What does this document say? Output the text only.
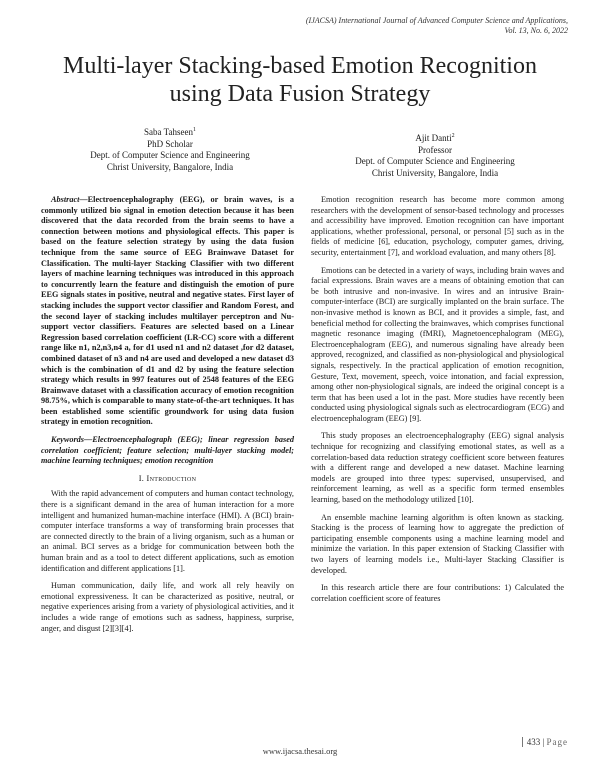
(IJACSA) International Journal of Advanced Computer Science and Applications,
Vol. 13, No. 6, 2022
Multi-layer Stacking-based Emotion Recognition
using Data Fusion Strategy
Saba Tahseen$^1$
PhD Scholar
Dept. of Computer Science and Engineering
Christ University, Bangalore, India
Ajit Danti$^2$
Professor
Dept. of Computer Science and Engineering
Christ University, Bangalore, India

Abstract—Electroencephalography (EEG), or brain waves, is a commonly utilized bio signal in emotion detection because it has been discovered that the data recorded from the brain seems to have a connection between motions and physiological effects. This paper is based on the feature selection strategy by using the data fusion technique from the same source of EEG Brainwave Dataset for Classification. The multi-layer Stacking Classifier with two different layers of machine learning techniques was introduced in this approach to concurrently learn the feature and distinguish the emotion of pure EEG signals states in positive, neutral and negative states. First layer of stacking includes the support vector classifier and Random Forest, and the second layer of stacking includes multilayer perceptron and Nu-support vector classifiers. Features are selected based on a Linear Regression based correlation coefficient (LR-CC) score with a different range like n1, n2,n3,n4 a, for d1 used n1 and n2 dataset ,for d2 dataset, combined dataset of n3 and n4 are used and developed a new dataset d3 which is the combination of d1 and d2 by using the feature selection strategy which results in 997 features out of 2548 features of the EEG Brainwave dataset with a classification accuracy of emotion recognition 98.75%, which is comparable to many state-of-the-art techniques. It has been established some scientific groundwork for using data fusion strategy in emotion recognition.

Keywords—Electroencephalograph (EEG); linear regression based correlation coefficient; feature selection; multi-layer stacking model; machine learning techniques; emotion recognition

I. Introduction

With the rapid advancement of computers and human contact technology, there is a significant demand in the area of human interaction for a more intelligent and humanized human-machine interface (HMI). A (BCI) brain-computer interface transforms a way of transforming brain processes that are connected directly to the brain of a living organism, such as a human or an animal. BCI serves as a bridge for communication between both the human brain and as a tool to detect different applications, such as emotion identification and different applications [1].

Human communication, daily life, and work all rely heavily on emotional expressiveness. It can be characterized as positive, neutral, or negative experiences arising from a variety of physiological activities, and it includes a wide range of emotions such as sadness, happiness, surprise, anger, and disgust [2][3][4].

Emotion recognition research has become more common among researchers with the development of sensor-based technology and processes and accessibility have improved. Emotion recognition can have important applications, whether professional, personal, or personal [5] such as in the fields of medicine [6], education, psychology, computer games, driving, security, entertainment [7], and workload evaluation, and many others [8].

Emotions can be detected in a variety of ways, including brain waves and facial expressions. Brain waves are a means of obtaining emotion that can be both intrusive and non-invasive. In wires and an intrusive Brain-computer-interface (BCI) are surgically implanted on the brain surface. The non-invasive method is known as BCI, and it provides a simple, fast, and beneficial method for collecting the brainwaves, which comprises functional magnetic resonance imaging (fMRI), Magnetoencephalogram (MEG), Electroencephalogram (EEG), and numerous signaling have already been approved, recognized, and classified as non-physiological and physiological signals, respectively. In the practical application of emotion recognition, Gesture, Text, movement, speech, voice intonation, and facial expression, among other non-physiological signals, are indeed the original concept is a term that has been used a lot in the past. More studies have recently been conducted using physiological signals such as electrocardiogram (ECG) and electroencephalogram (EEG) [9].

This study proposes an electroencephalography (EEG) signal analysis technique for recognizing and classifying emotional states, as well as a correlation-based data reduction strategy coefficient score between features with a different range and developed a new dataset. Machine learning models are grouped into three types: supervised, unsupervised, and reinforcement learning, as well as a specific form termed ensembles learning, based on the methodology utilized [10].

An ensemble machine learning algorithm is often known as stacking. Stacking is the process of learning how to aggregate the prediction of participating ensemble components using a machine learning model and minimize the variation. In this paper extension of Stacking Classifier with two layers of learning models i.e., Multi-layer Stacking Classifier is developed.

In this research article there are four contributions: 1) Calculated the correlation coefficient score of features

433 | Page
www.ijacsa.thesai.org
